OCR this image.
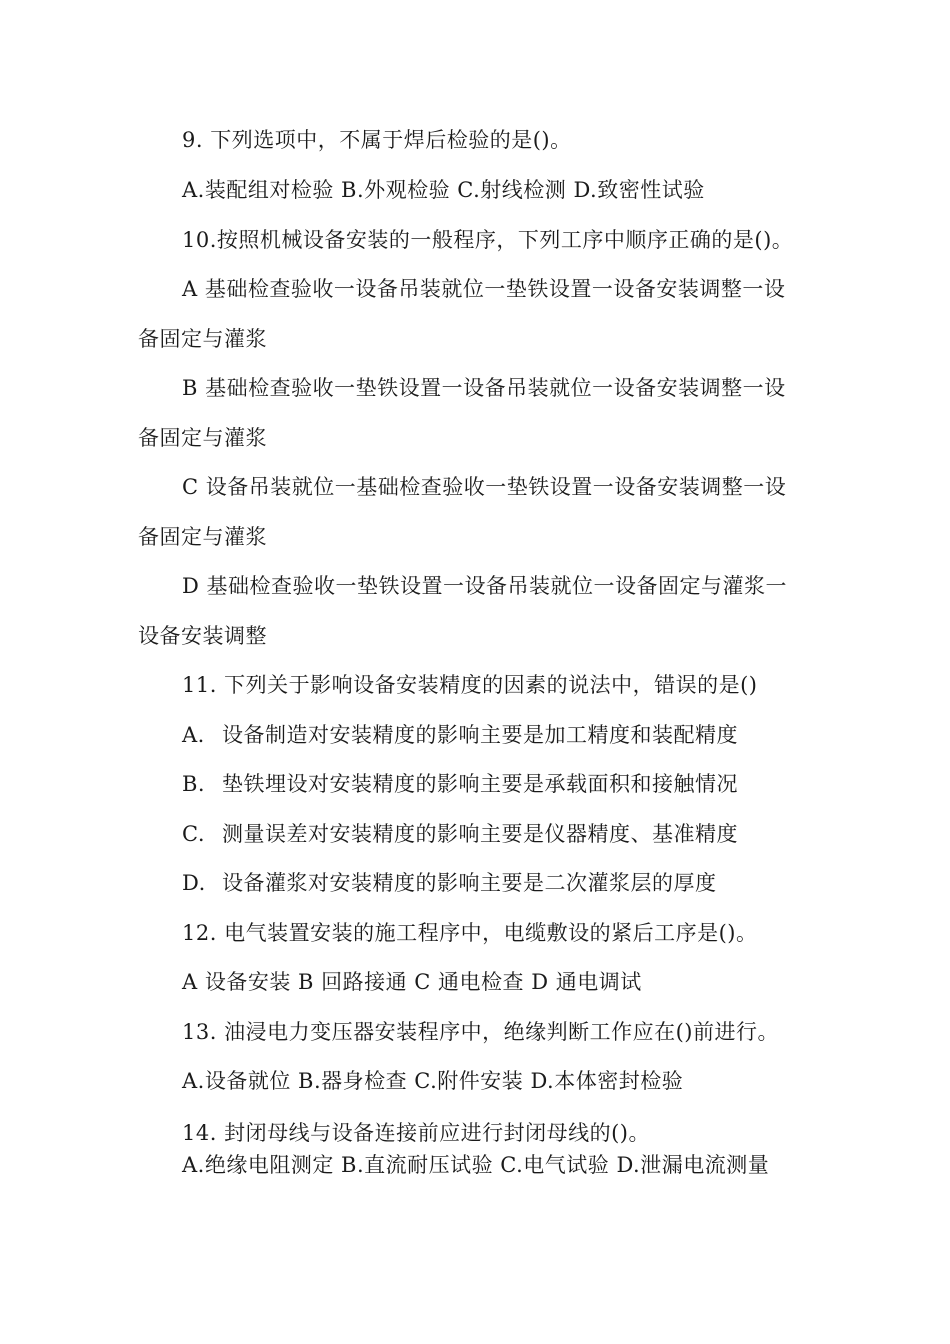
9. 下列选项中，不属于焊后检验的是()。
A.装配组对检验 B.外观检验 C.射线检测 D.致密性试验
10.按照机械设备安装的一般程序，下列工序中顺序正确的是()。
A 基础检查验收一设备吊装就位一垫铁设置一设备安装调整一设
备固定与灌浆
B 基础检查验收一垫铁设置一设备吊装就位一设备安装调整一设
备固定与灌浆
C 设备吊装就位一基础检查验收一垫铁设置一设备安装调整一设
备固定与灌浆
D 基础检查验收一垫铁设置一设备吊装就位一设备固定与灌浆一
设备安装调整
11. 下列关于影响设备安装精度的因素的说法中，错误的是()
A. 设备制造对安装精度的影响主要是加工精度和装配精度
B. 垫铁埋设对安装精度的影响主要是承载面积和接触情况
C. 测量误差对安装精度的影响主要是仪器精度、基准精度
D. 设备灌浆对安装精度的影响主要是二次灌浆层的厚度
12. 电气装置安装的施工程序中，电缆敷设的紧后工序是()。
A 设备安装 B 回路接通 C 通电检查 D 通电调试
13. 油浸电力变压器安装程序中，绝缘判断工作应在()前进行。
A.设备就位 B.器身检查 C.附件安装 D.本体密封检验
14. 封闭母线与设备连接前应进行封闭母线的()。
A.绝缘电阻测定 B.直流耐压试验 C.电气试验 D.泄漏电流测量
